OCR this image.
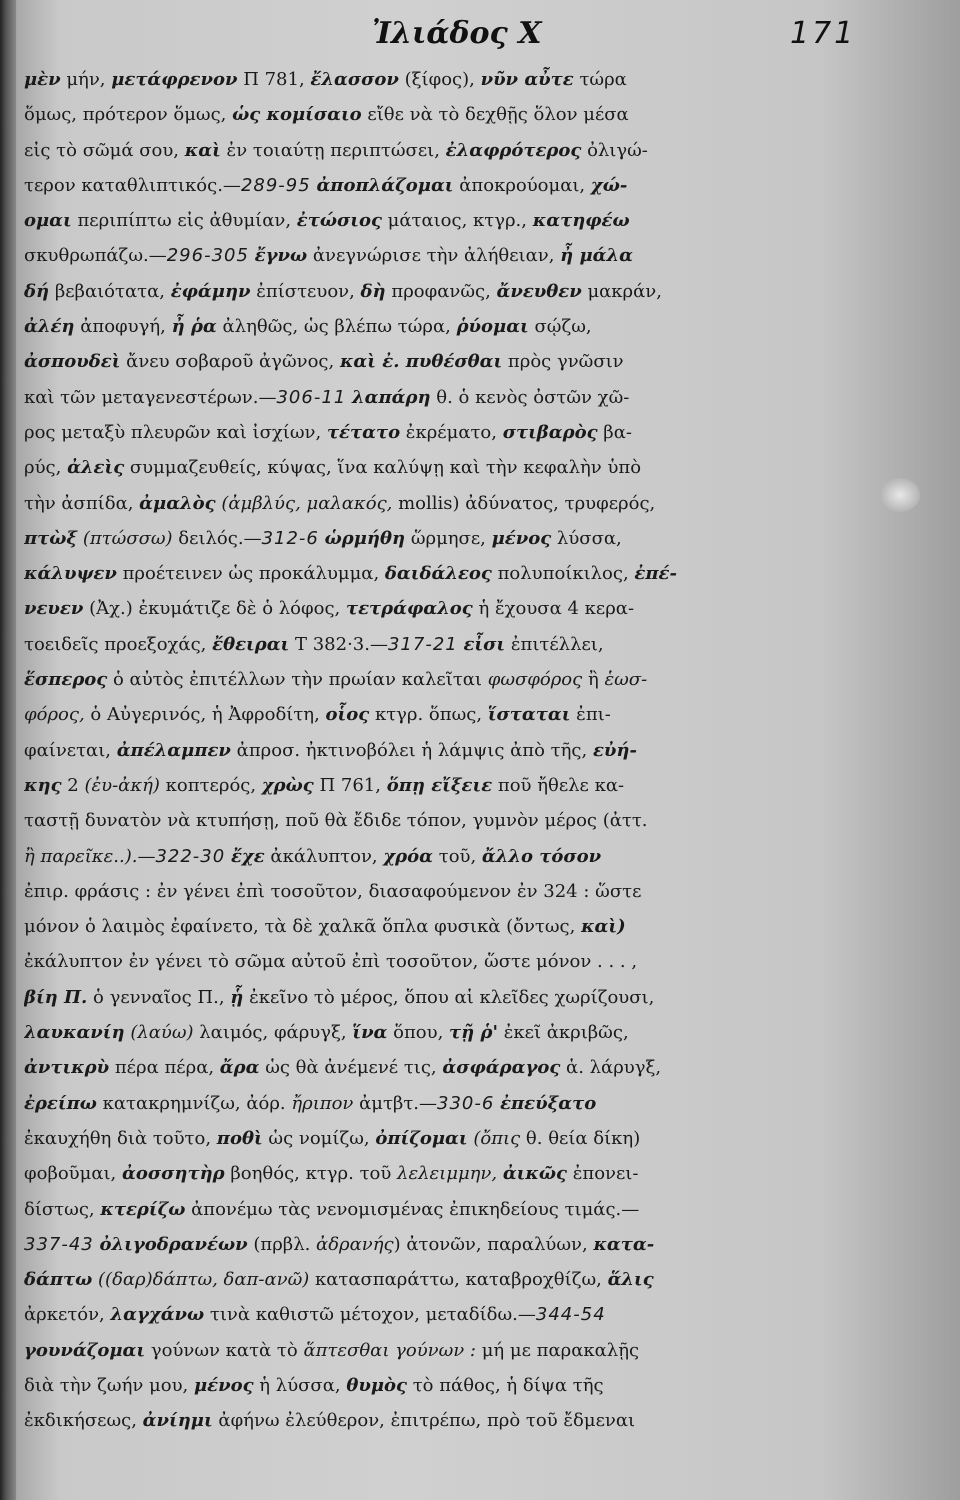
Ἰλιάδος Χ	171
μὲν μήν, μετάφρενον Π 781, ἔλασσον (ξίφος), νῦν αὖτε τώρα
ὅμως, πρότερον ὅμως, ὡς κομίσαιο εἴθε νὰ τὸ δεχθῇς ὅλον μέσα
εἰς τὸ σῶμά σου, καὶ ἐν τοιαύτῃ περιπτώσει, ἐλαφρότερος ὀλιγώ-
τερον καταθλιπτικός.—289-95 ἀποπλάζομαι ἀποκρούομαι, χώ-
ομαι περιπίπτω εἰς ἀθυμίαν, ἐτώσιος μάταιος, κτγρ., κατηφέω
σκυθρωπάζω.—296-305 ἔγνω ἀνεγνώρισε τὴν ἀλήθειαν, ἦ μάλα
δή βεβαιότατα, ἐφάμην ἐπίστευον, δὴ προφανῶς, ἄνευθεν μακράν,
ἀλέη ἀποφυγή, ἦ ῥα ἀληθῶς, ὡς βλέπω τώρα, ῥύομαι σῴζω,
ἀσπουδεὶ ἄνευ σοβαροῦ ἀγῶνος, καὶ ἐ. πυθέσθαι πρὸς γνῶσιν
καὶ τῶν μεταγενεστέρων.—306-11 λαπάρη θ. ὁ κενὸς ὀστῶν χῶ-
ρος μεταξὺ πλευρῶν καὶ ἰσχίων, τέτατο ἐκρέματο, στιβαρὸς βα-
ρύς, ἀλεὶς συμμαζευθείς, κύψας, ἵνα καλύψῃ καὶ τὴν κεφαλὴν ὑπὸ
τὴν ἀσπίδα, ἀμαλὸς (ἀμβλύς, μαλακός, mollis) ἀδύνατος, τρυφερός,
πτὼξ (πτώσσω) δειλός.—312-6 ὡρμήθη ὥρμησε, μένος λύσσα,
κάλυψεν προέτεινεν ὡς προκάλυμμα, δαιδάλεος πολυποίκιλος, ἐπέ-
νευεν (Ἀχ.) ἐκυμάτιζε δὲ ὁ λόφος, τετράφαλος ἡ ἔχουσα 4 κερα-
τοειδεῖς προεξοχάς, ἔθειραι Τ 382·3.—317-21 εἶσι ἐπιτέλλει,
ἕσπερος ὁ αὐτὸς ἐπιτέλλων τὴν πρωίαν καλεῖται φωσφόρος ἢ ἑωσ-
φόρος, ὁ Αὐγερινός, ἡ Ἀφροδίτη, οἷος κτγρ. ὅπως, ἵσταται ἐπι-
φαίνεται, ἀπέλαμπεν ἀπροσ. ἠκτινοβόλει ἡ λάμψις ἀπὸ τῆς, εὐή-
κης 2 (ἐυ-ἀκή) κοπτερός, χρὼς Π 761, ὅπῃ εἴξειε ποῦ ἤθελε κα-
ταστῇ δυνατὸν νὰ κτυπήσῃ, ποῦ θὰ ἔδιδε τόπον, γυμνὸν μέρος (ἀττ.
ἢ παρεῖκε..).—322-30 ἔχε ἀκάλυπτον, χρόα τοῦ, ἄλλο τόσον
ἐπιρ. φράσις : ἐν γένει ἐπὶ τοσοῦτον, διασαφούμενον ἐν 324 : ὥστε
μόνον ὁ λαιμὸς ἐφαίνετο, τὰ δὲ χαλκᾶ ὅπλα φυσικὰ (ὄντως, καὶ)
ἐκάλυπτον ἐν γένει τὸ σῶμα αὐτοῦ ἐπὶ τοσοῦτον, ὥστε μόνον . . . ,
βίη Π. ὁ γενναῖος Π., ᾗ ἐκεῖνο τὸ μέρος, ὅπου αἱ κλεῖδες χωρίζουσι,
λαυκανίη (λαύω) λαιμός, φάρυγξ, ἵνα ὅπου, τῇ ῥ' ἐκεῖ ἀκριβῶς,
ἀντικρὺ πέρα πέρα, ἄρα ὡς θὰ ἀνέμενέ τις, ἀσφάραγος ἁ. λάρυγξ,
ἐρείπω κατακρημνίζω, ἀόρ. ἤριπον ἀμτβτ.—330-6 ἐπεύξατο
ἐκαυχήθη διὰ τοῦτο, ποθὶ ὡς νομίζω, ὀπίζομαι (ὄπις θ. θεία δίκη)
φοβοῦμαι, ἀοσσητὴρ βοηθός, κτγρ. τοῦ λελειμμην, ἀικῶς ἐπονει-
δίστως, κτερίζω ἀπονέμω τὰς νενομισμένας ἐπικηδείους τιμάς.—
337-43 ὀλιγοδρανέων (πρβλ. ἀδρανής) ἀτονῶν, παραλύων, κατα-
δάπτω ((δαρ)δάπτω, δαπ-ανῶ) κατασπαράττω, καταβροχθίζω, ἅλις
ἀρκετόν, λαγχάνω τινὰ καθιστῶ μέτοχον, μεταδίδω.—344-54
γουνάζομαι γούνων κατὰ τὸ ἅπτεσθαι γούνων : μή με παρακαλῇς
διὰ τὴν ζωήν μου, μένος ἡ λύσσα, θυμὸς τὸ πάθος, ἡ δίψα τῆς
ἐκδικήσεως, ἀνίημι ἀφήνω ἐλεύθερον, ἐπιτρέπω, πρὸ τοῦ ἔδμεναι
